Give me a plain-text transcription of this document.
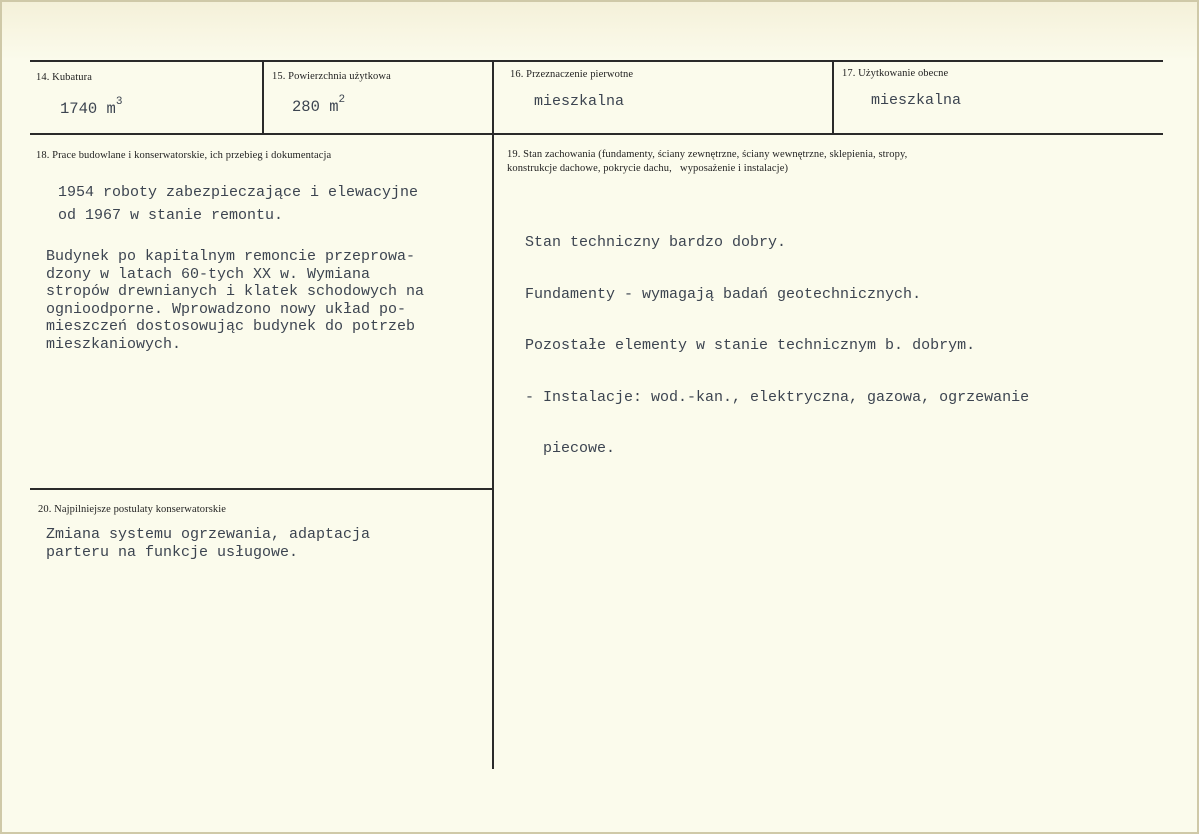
14. Kubatura
1740 $m^3$
15. Powierzchnia użytkowa
280 $m^2$
16. Przeznaczenie pierwotne
mieszkalna
17. Użytkowanie obecne
mieszkalna
18. Prace budowlane i konserwatorskie, ich przebieg i dokumentacja
1954 roboty zabezpieczające i elewacyjne
od 1967 w stanie remontu.
Budynek po kapitalnym remoncie przeprowa-
dzony w latach 60-tych XX w. Wymiana
stropów drewnianych i klatek schodowych na
ognioodporne. Wprowadzono nowy układ po-
mieszczeń dostosowując budynek do potrzeb
mieszkaniowych.
19. Stan zachowania (fundamenty, ściany zewnętrzne, ściany wewnętrzne, sklepienia, stropy,
konstrukcje dachowe, pokrycie dachu,   wyposażenie i instalacje)

Stan techniczny bardzo dobry.

Fundamenty - wymagają badań geotechnicznych.

Pozostałe elementy w stanie technicznym b. dobrym.

- Instalacje: wod.-kan., elektryczna, gazowa, ogrzewanie

piecowe.

20. Najpilniejsze postulaty konserwatorskie
Zmiana systemu ogrzewania, adaptacja
parteru na funkcje usługowe.
